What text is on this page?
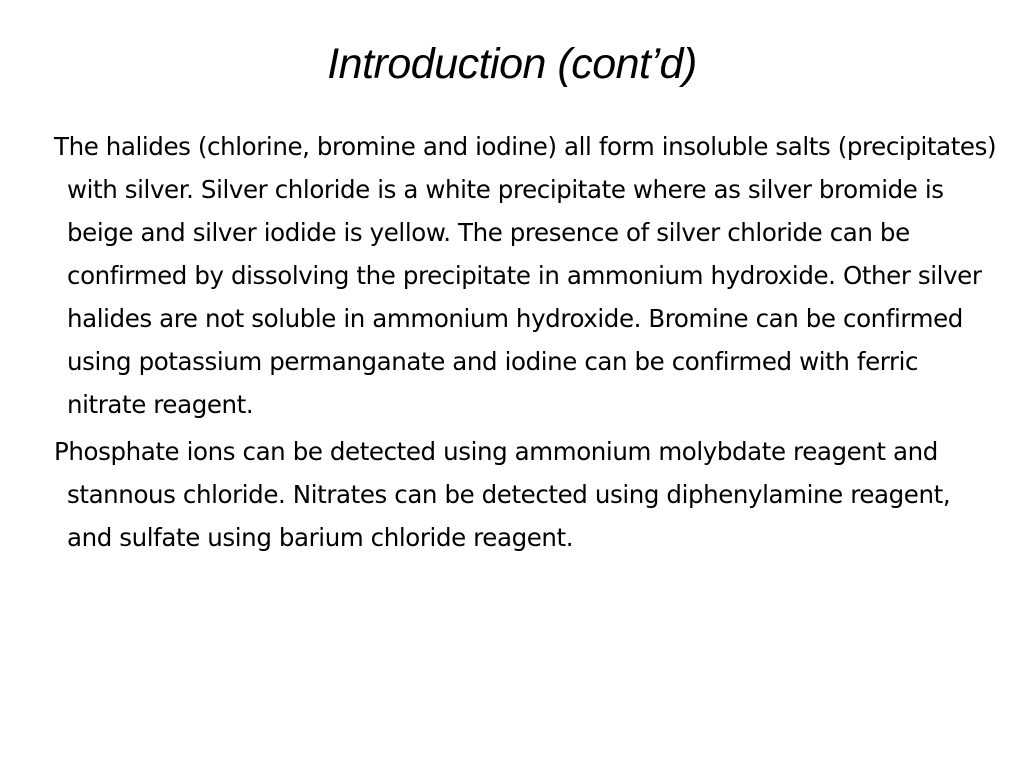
Introduction (cont’d)

The halides (chlorine, bromine and iodine) all form insoluble salts (precipitates) with silver. Silver chloride is a white precipitate where as silver bromide is beige and silver iodide is yellow. The presence of silver chloride can be confirmed by dissolving the precipitate in ammonium hydroxide. Other silver halides are not soluble in ammonium hydroxide. Bromine can be confirmed using potassium permanganate and iodine can be confirmed with ferric nitrate reagent.

Phosphate ions can be detected using ammonium molybdate reagent and stannous chloride. Nitrates can be detected using diphenylamine reagent, and sulfate using barium chloride reagent.
